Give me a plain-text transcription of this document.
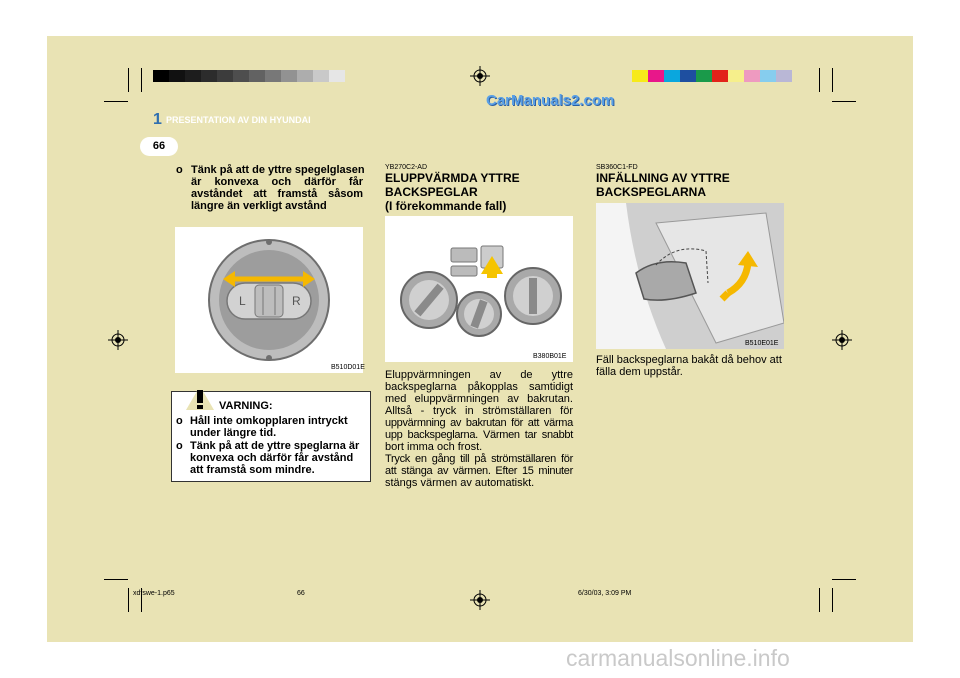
CarManuals2.com
1 PRESENTATION AV DIN HYUNDAI
66
o Tänk på att de yttre spegelglasen
är konvexa och därför får
avståndet att framstå såsom
längre än verkligt avstånd
L	R
B510D01E
VARNING:
o Håll inte omkopplaren intryckt
under längre tid.
o Tänk på att de yttre speglarna är
konvexa och därför får avstånd
att framstå som mindre.
YB270C2-AD
ELUPPVÄRMDA YTTRE
BACKSPEGLAR
(I förekommande fall)
B380B01E
Eluppvärmningen av de yttre
backspeglarna påkopplas samtidigt
med eluppvärmningen av bakrutan.
Alltså - tryck in strömställaren för
uppvärmning av bakrutan för att värma
upp backspeglarna. Värmen tar snabbt
bort imma och frost.
Tryck en gång till på strömställaren för
att stänga av värmen. Efter 15 minuter
stängs värmen av automatiskt.
SB360C1-FD
INFÄLLNING AV YTTRE
BACKSPEGLARNA
B510E01E
Fäll backspeglarna bakåt då behov att
fälla dem uppstår.
xdfswe-1.p65	66	6/30/03, 3:09 PM
carmanualsonline.info
